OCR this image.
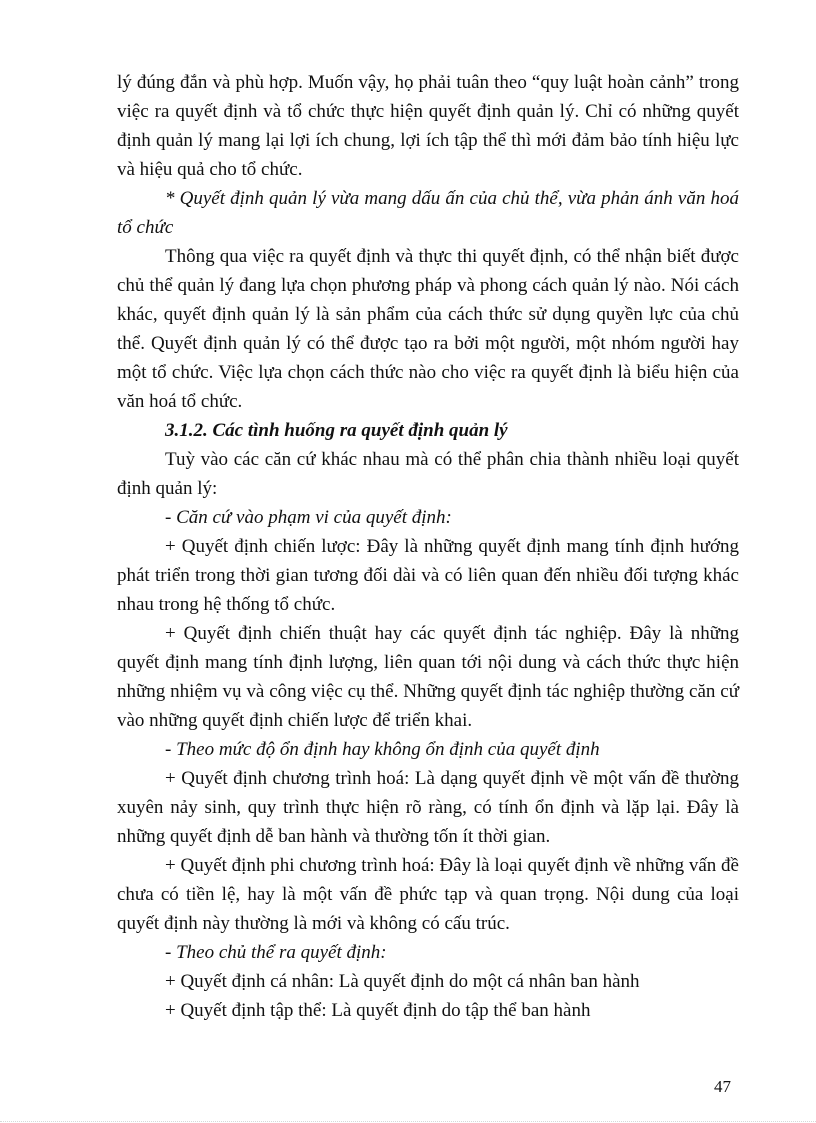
lý đúng đắn và phù hợp. Muốn vậy, họ phải tuân theo “quy luật hoàn cảnh” trong việc ra quyết định và tổ chức thực hiện quyết định quản lý. Chỉ có những quyết định quản lý mang lại lợi ích chung, lợi ích tập thể thì mới đảm bảo tính hiệu lực và hiệu quả cho tổ chức.

* Quyết định quản lý vừa mang dấu ấn của chủ thể, vừa phản ánh văn hoá tổ chức

Thông qua việc ra quyết định và thực thi quyết định, có thể nhận biết được chủ thể quản lý đang lựa chọn phương pháp và phong cách quản lý nào. Nói cách khác, quyết định quản lý là sản phẩm của cách thức sử dụng quyền lực của chủ thể. Quyết định quản lý có thể được tạo ra bởi một người, một nhóm người hay một tổ chức. Việc lựa chọn cách thức nào cho việc ra quyết định là biểu hiện của văn hoá tổ chức.

3.1.2. Các tình huống ra quyết định quản lý

Tuỳ vào các căn cứ khác nhau mà có thể phân chia thành nhiều loại quyết định quản lý:

- Căn cứ vào phạm vi của quyết định:

+ Quyết định chiến lược: Đây là những quyết định mang tính định hướng phát triển trong thời gian tương đối dài và có liên quan đến nhiều đối tượng khác nhau trong hệ thống tổ chức.

+ Quyết định chiến thuật hay các quyết định tác nghiệp. Đây là những quyết định mang tính định lượng, liên quan tới nội dung và cách thức thực hiện những nhiệm vụ và công việc cụ thể. Những quyết định tác nghiệp thường căn cứ vào những quyết định chiến lược để triển khai.

- Theo mức độ ổn định hay không ổn định của quyết định

+ Quyết định chương trình hoá: Là dạng quyết định về một vấn đề thường xuyên nảy sinh, quy trình thực hiện rõ ràng, có tính ổn định và lặp lại. Đây là những quyết định dễ ban hành và thường tốn ít thời gian.

+ Quyết định phi chương trình hoá: Đây là loại quyết định về những vấn đề chưa có tiền lệ, hay là một vấn đề phức tạp và quan trọng. Nội dung của loại quyết định này thường là mới và không có cấu trúc.

- Theo chủ thể ra quyết định:

+ Quyết định cá nhân: Là quyết định do một cá nhân ban hành

+ Quyết định tập thể: Là quyết định do tập thể ban hành

47
